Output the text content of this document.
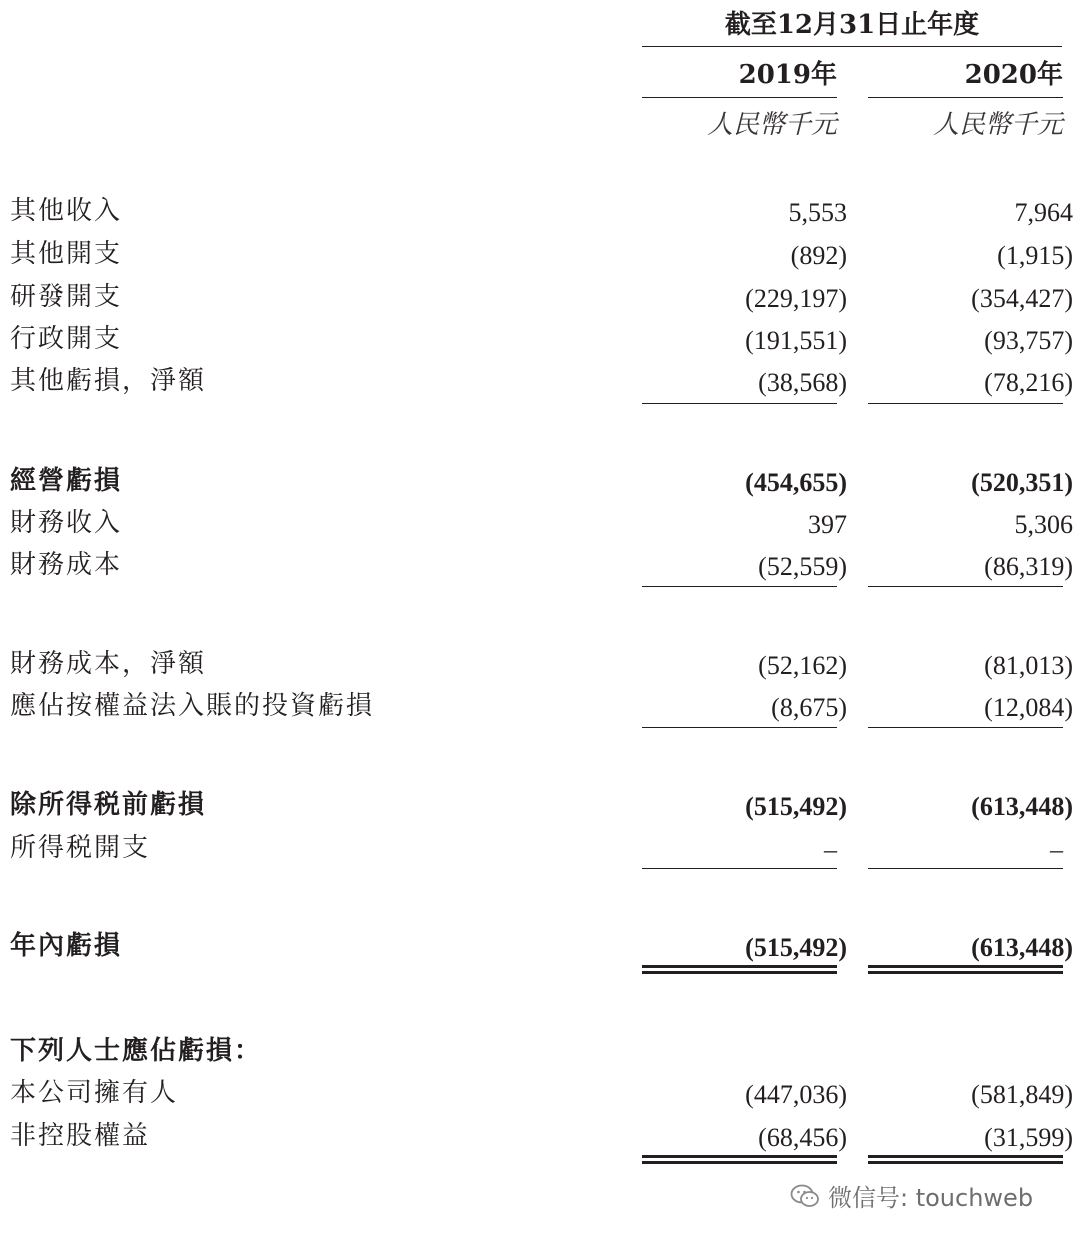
截至12月31日止年度
2019年	2020年
人民幣千元	人民幣千元
其他收入	5,553	7,964
其他開支	(892)	(1,915)
研發開支	(229,197)	(354,427)
行政開支	(191,551)	(93,757)
其他虧損，淨額	(38,568)	(78,216)
經營虧損	(454,655)	(520,351)
財務收入	397	5,306
財務成本	(52,559)	(86,319)
財務成本，淨額	(52,162)	(81,013)
應佔按權益法入賬的投資虧損	(8,675)	(12,084)
除所得税前虧損	(515,492)	(613,448)
所得税開支	–	–
年內虧損	(515,492)	(613,448)
下列人士應佔虧損：
本公司擁有人	(447,036)	(581,849)
非控股權益	(68,456)	(31,599)
微信号: touchweb
